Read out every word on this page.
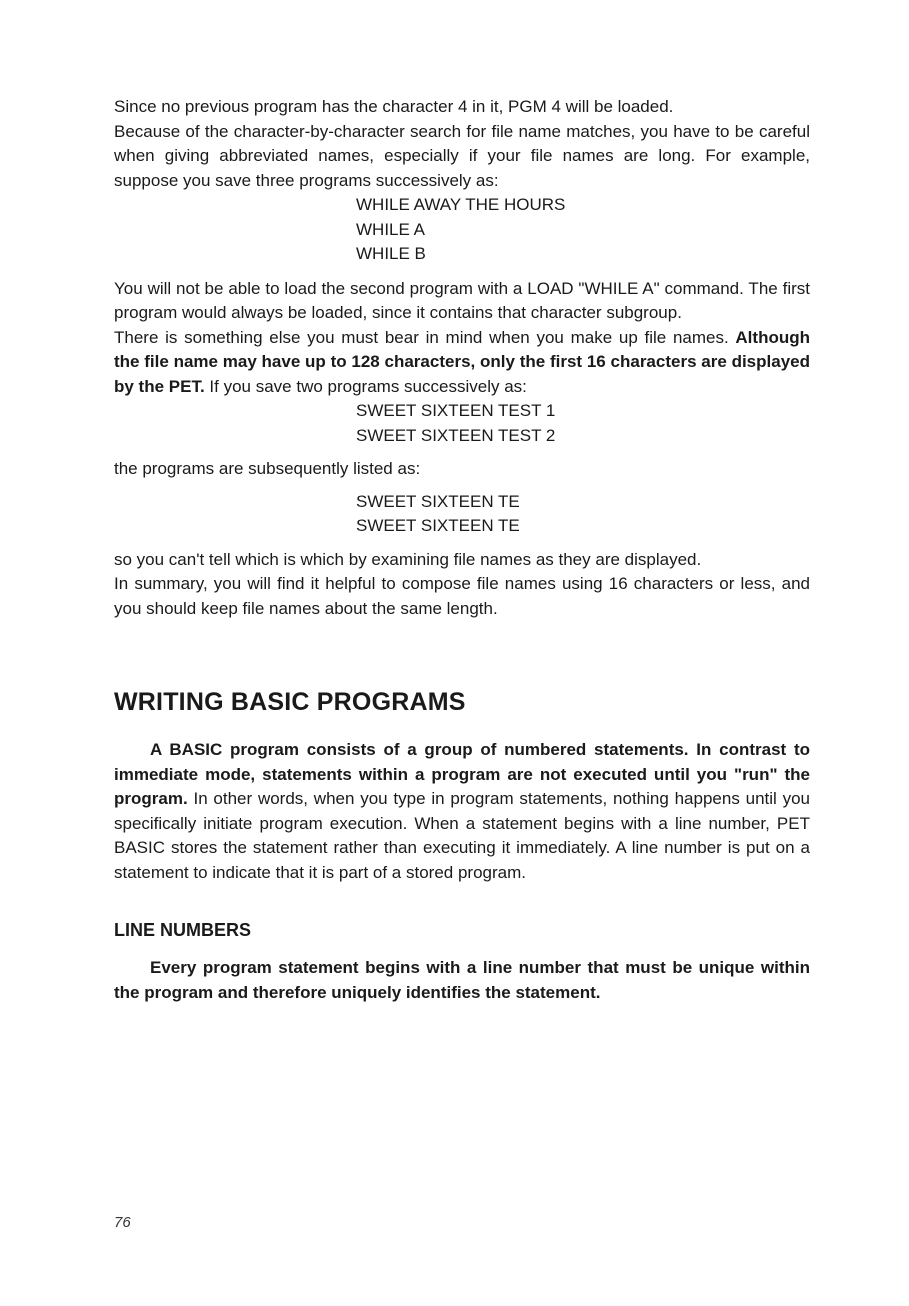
Since no previous program has the character 4 in it, PGM 4 will be loaded.

Because of the character-by-character search for file name matches, you have to be careful when giving abbreviated names, especially if your file names are long. For example, suppose you save three programs successively as:

WHILE AWAY THE HOURS
WHILE A
WHILE B

You will not be able to load the second program with a LOAD "WHILE A" command. The first program would always be loaded, since it contains that character subgroup.

There is something else you must bear in mind when you make up file names. Although the file name may have up to 128 characters, only the first 16 characters are displayed by the PET. If you save two programs successively as:

SWEET SIXTEEN TEST 1
SWEET SIXTEEN TEST 2

the programs are subsequently listed as:

SWEET SIXTEEN TE
SWEET SIXTEEN TE

so you can't tell which is which by examining file names as they are displayed.

In summary, you will find it helpful to compose file names using 16 characters or less, and you should keep file names about the same length.

WRITING BASIC PROGRAMS

A BASIC program consists of a group of numbered statements. In contrast to immediate mode, statements within a program are not executed until you "run" the program. In other words, when you type in program statements, nothing happens until you specifically initiate program execution. When a statement begins with a line number, PET BASIC stores the statement rather than executing it immediately. A line number is put on a statement to indicate that it is part of a stored program.

LINE NUMBERS

Every program statement begins with a line number that must be unique within the program and therefore uniquely identifies the statement.

76
